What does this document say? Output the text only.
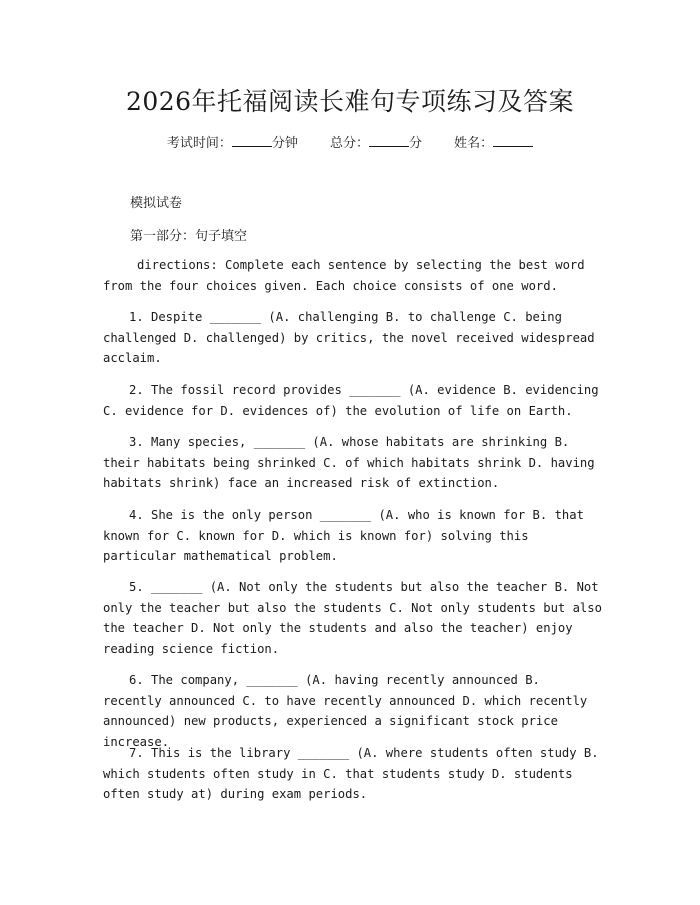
2026年托福阅读长难句专项练习及答案
考试时间：	分钟 总分：	分 姓名：
模拟试卷
第一部分：句子填空
directions: Complete each sentence by selecting the best word from the four choices given. Each choice consists of one word.
1. Despite _______ (A. challenging B. to challenge C. being challenged D. challenged) by critics, the novel received widespread acclaim.
2. The fossil record provides _______ (A. evidence B. evidencing C. evidence for D. evidences of) the evolution of life on Earth.
3. Many species, _______ (A. whose habitats are shrinking B. their habitats being shrinked C. of which habitats shrink D. having habitats shrink) face an increased risk of extinction.
4. She is the only person _______ (A. who is known for B. that known for C. known for D. which is known for) solving this particular mathematical problem.
5. _______ (A. Not only the students but also the teacher B. Not only the teacher but also the students C. Not only students but also the teacher D. Not only the students and also the teacher) enjoy reading science fiction.
6. The company, _______ (A. having recently announced B. recently announced C. to have recently announced D. which recently announced) new products, experienced a significant stock price increase.
7. This is the library _______ (A. where students often study B. which students often study in C. that students study D. students often study at) during exam periods.
